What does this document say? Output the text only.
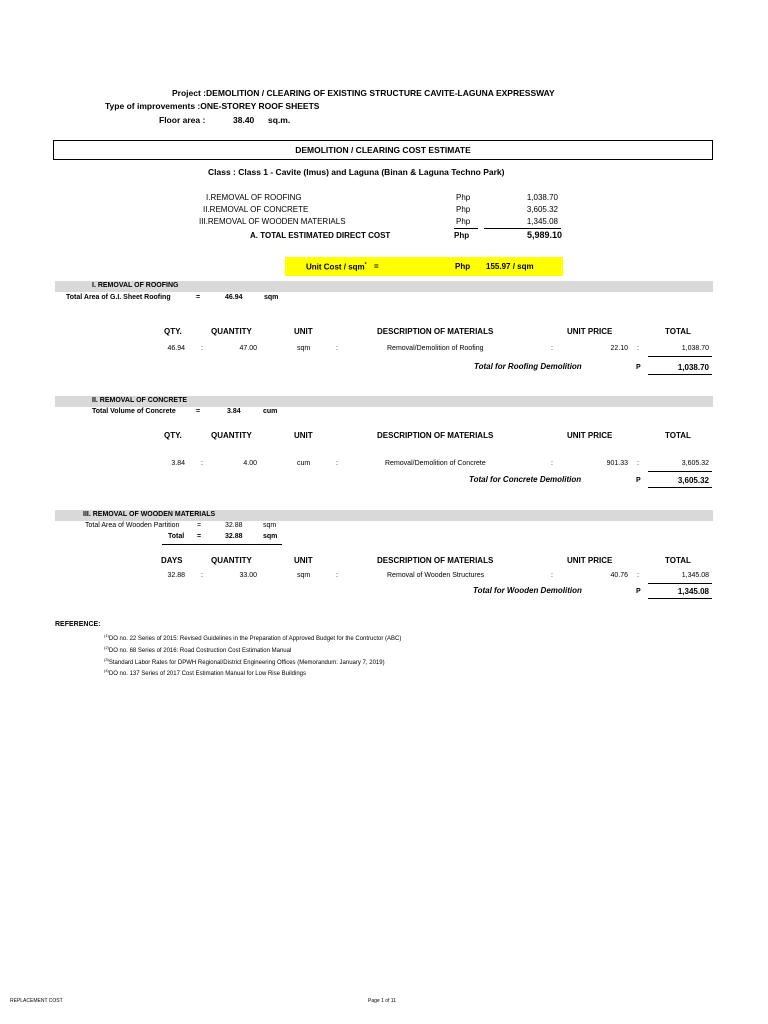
Project :DEMOLITION / CLEARING OF EXISTING STRUCTURE CAVITE-LAGUNA EXPRESSWAY
Type of improvements :ONE-STOREY ROOF SHEETS
Floor area :	38.40 sq.m.
DEMOLITION / CLEARING COST ESTIMATE
Class : Class 1 - Cavite (Imus) and Laguna (Binan & Laguna Techno Park)
I.REMOVAL OF ROOFING	Php	1,038.70
II.REMOVAL OF CONCRETE	Php	3,605.32
III.REMOVAL OF WOODEN MATERIALS	Php	1,345.08
A. TOTAL ESTIMATED DIRECT COST	Php	5,989.10
Unit Cost / sqm* =	Php 155.97 / sqm
I. REMOVAL OF ROOFING
Total Area of G.I. Sheet Roofing	=	46.94	sqm
QTY.	QUANTITY	UNIT	DESCRIPTION OF MATERIALS	UNIT PRICE	TOTAL
46.94 :	47.00	sqm	:	Removal/Demolition of Roofing	:	22.10 :	1,038.70
Total for Roofing Demolition	P	1,038.70
II. REMOVAL OF CONCRETE
Total Volume of Concrete	=	3.84	cum
QTY.	QUANTITY	UNIT	DESCRIPTION OF MATERIALS	UNIT PRICE	TOTAL
3.84 :	4.00	cum	:	Removal/Demolition of Concrete	:	901.33 :	3,605.32
Total for Concrete Demolition	P	3,605.32
III. REMOVAL OF WOODEN MATERIALS
Total Area of Wooden Partition	=	32.88	sqm
Total =	32.88	sqm
DAYS	QUANTITY	UNIT	DESCRIPTION OF MATERIALS	UNIT PRICE	TOTAL
32.88 :	33.00	sqm	:	Removal of Wooden Structures	:	40.76 :	1,345.08
Total for Wooden Demolition	P	1,345.08
REFERENCE:
$^{(1)}$DO no. 22 Series of 2015: Revised Guidelines in the Preparation of Approved Budget for the Contructor (ABC)
$^{(2)}$DO no. 68 Series of 2016: Road Costruction Cost Estimation Manual
$^{(3)}$Standard Labor Rates for DPWH Regional/District Engineering Offices (Memorandum: January 7, 2019)
$^{(4)}$DO no. 137 Series of 2017 Cost Estimation Manual for Low Rise Buildings
REPLACEMENT COST	Page 1 of 11
